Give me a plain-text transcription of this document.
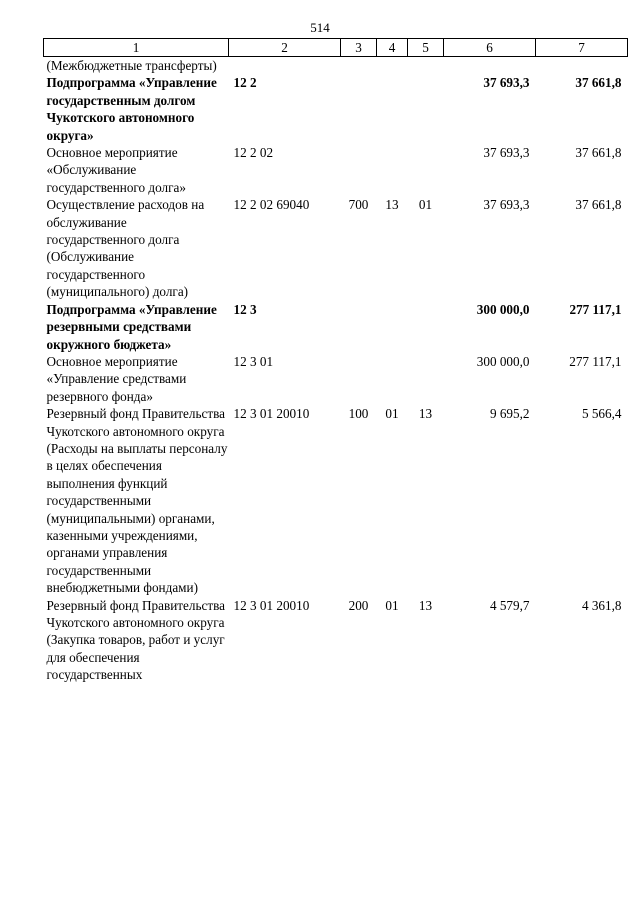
514
1	2	3	4	5	6	7
(Межбюджетные трансферты)						
Подпрограмма «Управление государственным долгом Чукотского автономного округа»	12 2				37 693,3	37 661,8
Основное мероприятие «Обслуживание государственного долга»	12 2 02				37 693,3	37 661,8
Осуществление расходов на обслуживание государственного долга (Обслуживание государственного (муниципального) долга)	12 2 02 69040	700	13	01	37 693,3	37 661,8
Подпрограмма «Управление резервными средствами окружного бюджета»	12 3				300 000,0	277 117,1
Основное мероприятие «Управление средствами резервного фонда»	12 3 01				300 000,0	277 117,1
Резервный фонд Правительства Чукотского автономного округа (Расходы на выплаты персоналу в целях обеспечения выполнения функций государственными (муниципальными) органами, казенными учреждениями, органами управления государственными внебюджетными фондами)	12 3 01 20010	100	01	13	9 695,2	5 566,4
Резервный фонд Правительства Чукотского автономного округа (Закупка товаров, работ и услуг для обеспечения государственных	12 3 01 20010	200	01	13	4 579,7	4 361,8
